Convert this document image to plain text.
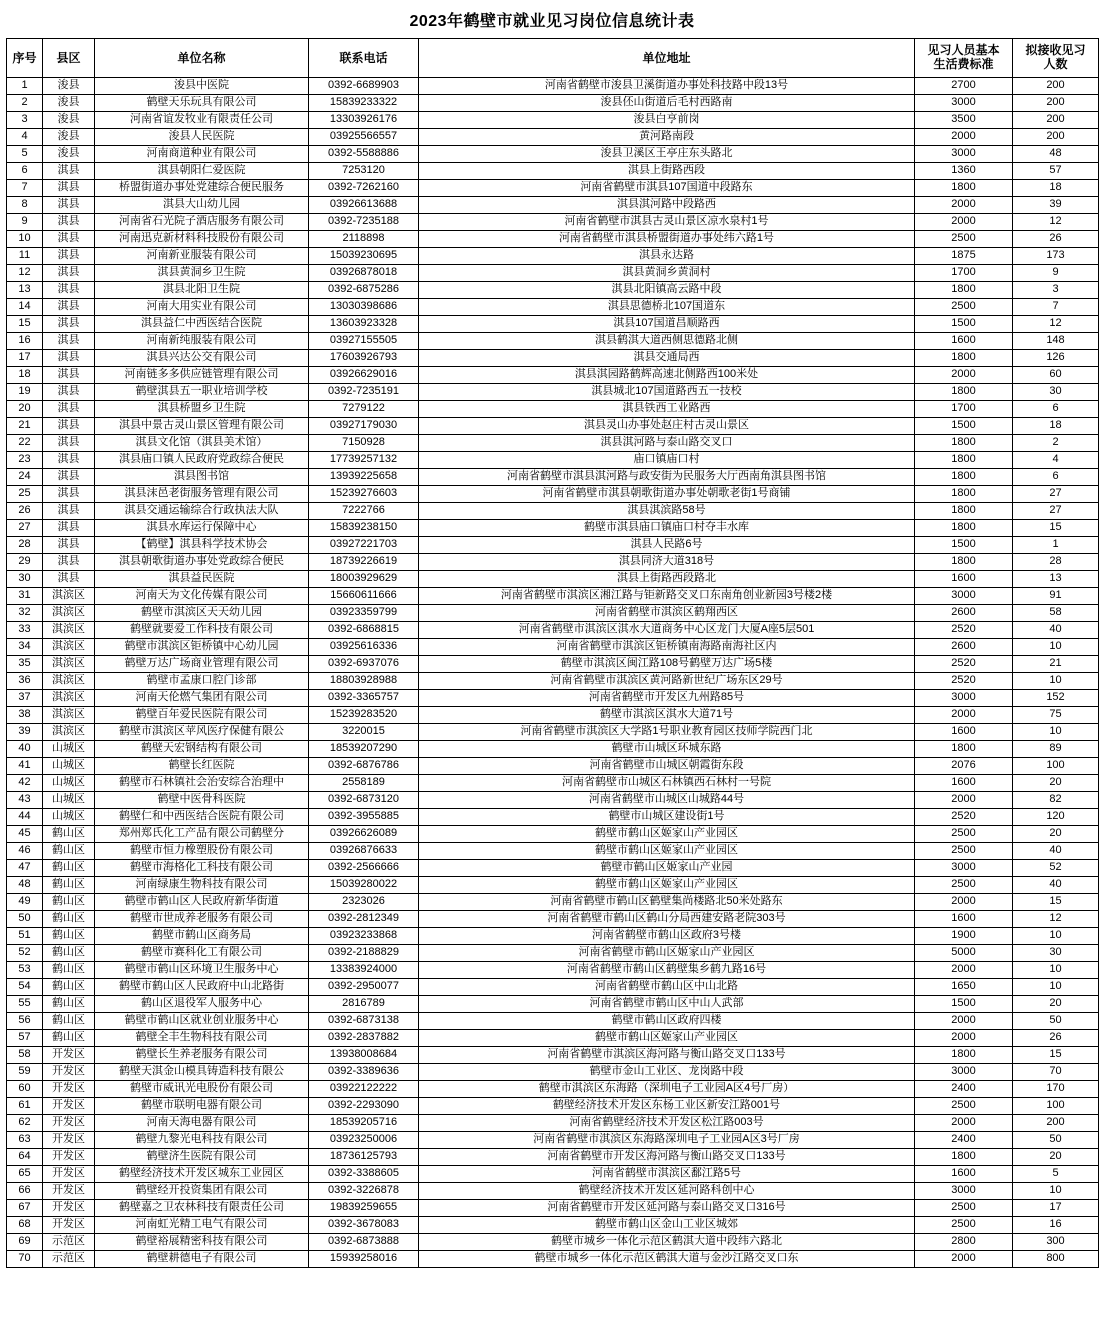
2023年鹤壁市就业见习岗位信息统计表
序号	县区	单位名称	联系电话	单位地址	见习人员基本
生活费标准	拟接收见习
人数

1	浚县	浚县中医院	0392-6689903	河南省鹤壁市浚县卫溪街道办事处科技路中段13号	2700	200
2	浚县	鹤壁天乐玩具有限公司	15839233322	浚县伾山街道后毛村西路南	3000	200
3	浚县	河南省谊发牧业有限责任公司	13303926176	浚县白亨前岗	3500	200
4	浚县	浚县人民医院	03925566557	黄河路南段	2000	200
5	浚县	河南商道种业有限公司	0392-5588886	浚县卫溪区王亭庄东头路北	3000	48
6	淇县	淇县朝阳仁爱医院	7253120	淇县上街路西段	1360	57
7	淇县	桥盟街道办事处党建综合便民服务	0392-7262160	河南省鹤壁市淇县107国道中段路东	1800	18
8	淇县	淇县大山幼儿园	03926613688	淇县淇河路中段路西	2000	39
9	淇县	河南省石光院子酒店服务有限公司	0392-7235188	河南省鹤壁市淇县古灵山景区凉水泉村1号	2000	12
10	淇县	河南迅克新材料科技股份有限公司	2118898	河南省鹤壁市淇县桥盟街道办事处纬六路1号	2500	26
11	淇县	河南新亚服装有限公司	15039230695	淇县永达路	1875	173
12	淇县	淇县黄洞乡卫生院	03926878018	淇县黄洞乡黄洞村	1700	9
13	淇县	淇县北阳卫生院	0392-6875286	淇县北阳镇高云路中段	1800	3
14	淇县	河南大用实业有限公司	13030398686	淇县思德桥北107国道东	2500	7
15	淇县	淇县益仁中西医结合医院	13603923328	淇县107国道昌顺路西	1500	12
16	淇县	河南新纯服装有限公司	03927155505	淇县鹤淇大道西侧思德路北侧	1600	148
17	淇县	淇县兴达公交有限公司	17603926793	淇县交通局西	1800	126
18	淇县	河南链多多供应链管理有限公司	03926629016	淇县淇园路鹤辉高速北侧路西100米处	2000	60
19	淇县	鹤壁淇县五一职业培训学校	0392-7235191	淇县城北107国道路西五一技校	1800	30
20	淇县	淇县桥盟乡卫生院	7279122	淇县铁西工业路西	1700	6
21	淇县	淇县中景古灵山景区管理有限公司	03927179030	淇县灵山办事处赵庄村古灵山景区	1500	18
22	淇县	淇县文化馆（淇县美术馆）	7150928	淇县淇河路与泰山路交叉口	1800	2
23	淇县	淇县庙口镇人民政府党政综合便民	17739257132	庙口镇庙口村	1800	4
24	淇县	淇县图书馆	13939225658	河南省鹤壁市淇县淇河路与政安街为民服务大厅西南角淇县图书馆	1800	6
25	淇县	淇县沫邑老街服务管理有限公司	15239276603	河南省鹤壁市淇县朝歌街道办事处朝歌老街1号商铺	1800	27
26	淇县	淇县交通运输综合行政执法大队	7222766	淇县淇滨路58号	1800	27
27	淇县	淇县水库运行保障中心	15839238150	鹤壁市淇县庙口镇庙口村夺丰水库	1800	15
28	淇县	【鹤壁】淇县科学技术协会	03927221703	淇县人民路6号	1500	1
29	淇县	淇县朝歌街道办事处党政综合便民	18739226619	淇县同济大道318号	1800	28
30	淇县	淇县益民医院	18003929629	淇县上街路西段路北	1600	13
31	淇滨区	河南天为文化传媒有限公司	15660611666	河南省鹤壁市淇滨区湘江路与钜新路交叉口东南角创业新园3号楼2楼	3000	91
32	淇滨区	鹤壁市淇滨区天天幼儿园	03923359799	河南省鹤壁市淇滨区鹤翔西区	2600	58
33	淇滨区	鹤壁就要爱工作科技有限公司	0392-6868815	河南省鹤壁市淇滨区淇水大道商务中心区龙门大厦A座5层501	2520	40
34	淇滨区	鹤壁市淇滨区钜桥镇中心幼儿园	03925616336	河南省鹤壁市淇滨区钜桥镇南海路南海社区内	2600	10
35	淇滨区	鹤壁万达广场商业管理有限公司	0392-6937076	鹤壁市淇滨区闽江路108号鹤壁万达广场5楼	2520	21
36	淇滨区	鹤壁市孟康口腔门诊部	18803928988	河南省鹤壁市淇滨区黄河路新世纪广场东区29号	2520	10
37	淇滨区	河南天伦燃气集团有限公司	0392-3365757	河南省鹤壁市开发区九州路85号	3000	152
38	淇滨区	鹤壁百年爱民医院有限公司	15239283520	鹤壁市淇滨区淇水大道71号	2000	75
39	淇滨区	鹤壁市淇滨区苹风医疗保健有限公	3220015	河南省鹤壁市淇滨区大学路1号职业教育园区技师学院西门北	1600	10
40	山城区	鹤壁天宏钢结构有限公司	18539207290	鹤壁市山城区环城东路	1800	89
41	山城区	鹤壁长红医院	0392-6876786	河南省鹤壁市山城区朝霞街东段	2076	100
42	山城区	鹤壁市石林镇社会治安综合治理中	2558189	河南省鹤壁市山城区石林镇西石林村一号院	1600	20
43	山城区	鹤壁中医骨科医院	0392-6873120	河南省鹤壁市山城区山城路44号	2000	82
44	山城区	鹤壁仁和中西医结合医院有限公司	0392-3955885	鹤壁市山城区建设街1号	2520	120
45	鹤山区	郑州郑氏化工产品有限公司鹤壁分	03926626089	鹤壁市鹤山区姬家山产业园区	2500	20
46	鹤山区	鹤壁市恒力橡塑股份有限公司	03926876633	鹤壁市鹤山区姬家山产业园区	2500	40
47	鹤山区	鹤壁市海格化工科技有限公司	0392-2566666	鹤壁市鹤山区姬家山产业园	3000	52
48	鹤山区	河南绿康生物科技有限公司	15039280022	鹤壁市鹤山区姬家山产业园区	2500	40
49	鹤山区	鹤壁市鹤山区人民政府新华街道	2323026	河南省鹤壁市鹤山区鹤壁集尚楼路北50米处路东	2000	15
50	鹤山区	鹤壁市世成养老服务有限公司	0392-2812349	河南省鹤壁市鹤山区鹤山分局西建安路老院303号	1600	12
51	鹤山区	鹤壁市鹤山区商务局	03923233868	河南省鹤壁市鹤山区政府3号楼	1900	10
52	鹤山区	鹤壁市赛科化工有限公司	0392-2188829	河南省鹤壁市鹤山区姬家山产业园区	5000	30
53	鹤山区	鹤壁市鹤山区环境卫生服务中心	13383924000	河南省鹤壁市鹤山区鹤壁集乡鹤九路16号	2000	10
54	鹤山区	鹤壁市鹤山区人民政府中山北路街	0392-2950077	河南省鹤壁市鹤山区中山北路	1650	10
55	鹤山区	鹤山区退役军人服务中心	2816789	河南省鹤壁市鹤山区中山人武部	1500	20
56	鹤山区	鹤壁市鹤山区就业创业服务中心	0392-6873138	鹤壁市鹤山区政府四楼	2000	50
57	鹤山区	鹤壁全丰生物科技有限公司	0392-2837882	鹤壁市鹤山区姬家山产业园区	2000	26
58	开发区	鹤壁长生养老服务有限公司	13938008684	河南省鹤壁市淇滨区海河路与衡山路交叉口133号	1800	15
59	开发区	鹤壁天淇金山模具铸造科技有限公	0392-3389636	鹤壁市金山工业区、龙岗路中段	3000	70
60	开发区	鹤壁市威讯光电股份有限公司	03922122222	鹤壁市淇滨区东海路（深圳电子工业园A区4号厂房）	2400	170
61	开发区	鹤壁市联明电器有限公司	0392-2293090	鹤壁经济技术开发区东杨工业区新安江路001号	2500	100
62	开发区	河南天海电器有限公司	18539205716	河南省鹤壁经济技术开发区松江路003号	2000	200
63	开发区	鹤壁九黎光电科技有限公司	03923250006	河南省鹤壁市淇滨区东海路深圳电子工业园A区3号厂房	2400	50
64	开发区	鹤壁济生医院有限公司	18736125793	河南省鹤壁市开发区海河路与衡山路交叉口133号	1800	20
65	开发区	鹤壁经济技术开发区城东工业园区	0392-3388605	河南省鹤壁市淇滨区鄱江路5号	1600	5
66	开发区	鹤壁经开投资集团有限公司	0392-3226878	鹤壁经济技术开发区延河路科创中心	3000	10
67	开发区	鹤壁嘉之卫农林科技有限责任公司	19839259655	河南省鹤壁市开发区延河路与泰山路交叉口316号	2500	17
68	开发区	河南虹光精工电气有限公司	0392-3678083	鹤壁市鹤山区金山工业区城郊	2500	16
69	示范区	鹤壁裕展精密科技有限公司	0392-6873888	鹤壁市城乡一体化示范区鹤淇大道中段纬六路北	2800	300
70	示范区	鹤壁耕德电子有限公司	15939258016	鹤壁市城乡一体化示范区鹤淇大道与金沙江路交叉口东	2000	800
